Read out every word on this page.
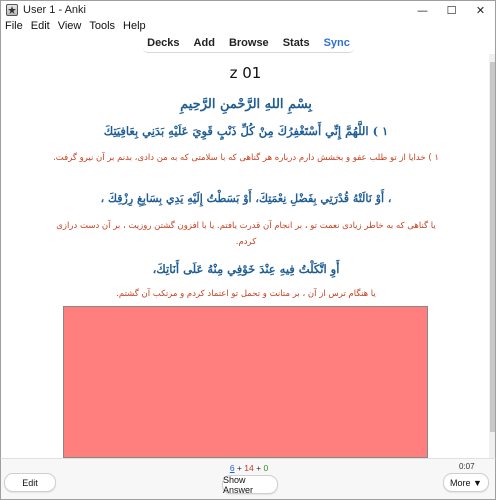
User 1 - Anki	—	☐	✕
File Edit View Tools Help
Decks Add Browse Stats Sync
z 01
بِسْمِ اللهِ الرَّحْمنِ الرَّحِيمِ
١ ) اللَّهُمَّ إِنِّي أَسْتَغْفِرُكَ مِنْ كُلِّ ذَنْبٍ قَوِيَ عَلَيْهِ بَدَنِي بِعَافِيَتِكَ
١ ) خدایا از تو طلب عفو و بخشش دارم درباره هر گناهی که با سلامتی که به من دادی، بدنم بر آن نیرو گرفت.
، أَوْ نَالَتْهُ قُدْرَتِي بِفَضْلِ نِعْمَتِكَ، أَوْ بَسَطْتُ إِلَيْهِ يَدِي بِسَابِغِ رِزْقِكَ ،
یا گناهی که به خاطر زیادی نعمت تو ، بر انجام آن قدرت یافتم. یا با افزون گشتن روزیت ، بر آن دست درازی کردم.
أَوِ اتَّكَلْتُ فِيهِ عِنْدَ خَوْفِي مِنْهُ عَلَى أَنَاتِكَ،
یا هنگام ترس از آن ، بر متانت و تحمل تو اعتماد کردم و مرتکب آن گشتم.
6 + 14 + 0	0:07
Edit	Show Answer
More ▼
